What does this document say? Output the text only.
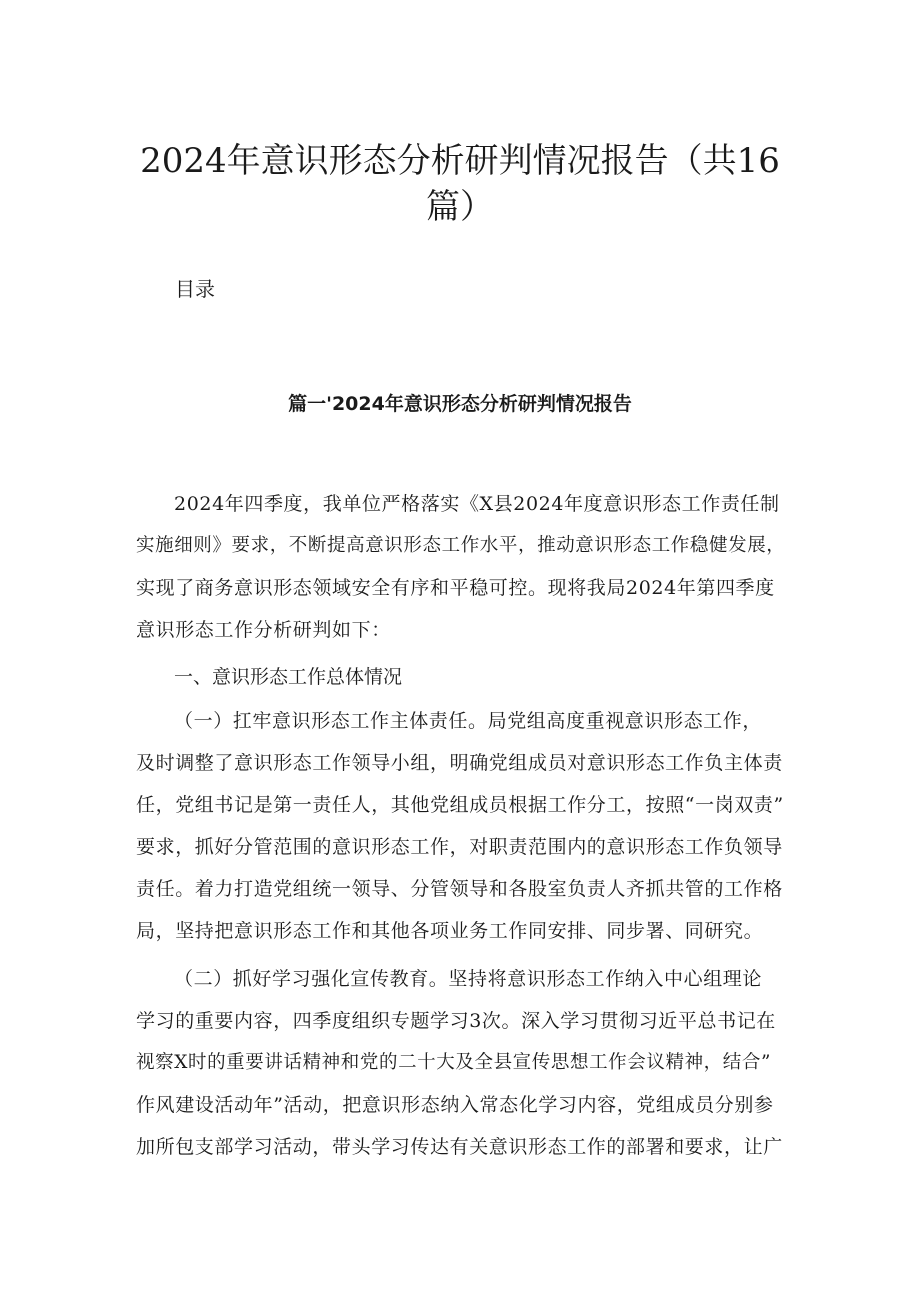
2024年意识形态分析研判情况报告（共16
篇）

目录

篇一'2024年意识形态分析研判情况报告

2024年四季度，我单位严格落实《X县2024年度意识形态工作责任制
实施细则》要求，不断提高意识形态工作水平，推动意识形态工作稳健发展，
实现了商务意识形态领域安全有序和平稳可控。现将我局2024年第四季度
意识形态工作分析研判如下：

一、意识形态工作总体情况

（一）扛牢意识形态工作主体责任。局党组高度重视意识形态工作，
及时调整了意识形态工作领导小组，明确党组成员对意识形态工作负主体责
任，党组书记是第一责任人，其他党组成员根据工作分工，按照“一岗双责”
要求，抓好分管范围的意识形态工作，对职责范围内的意识形态工作负领导
责任。着力打造党组统一领导、分管领导和各股室负责人齐抓共管的工作格
局，坚持把意识形态工作和其他各项业务工作同安排、同步署、同研究。

（二）抓好学习强化宣传教育。坚持将意识形态工作纳入中心组理论
学习的重要内容，四季度组织专题学习3次。深入学习贯彻习近平总书记在
视察X时的重要讲话精神和党的二十大及全县宣传思想工作会议精神，结合”
作风建设活动年”活动，把意识形态纳入常态化学习内容，党组成员分别参
加所包支部学习活动，带头学习传达有关意识形态工作的部署和要求，让广
